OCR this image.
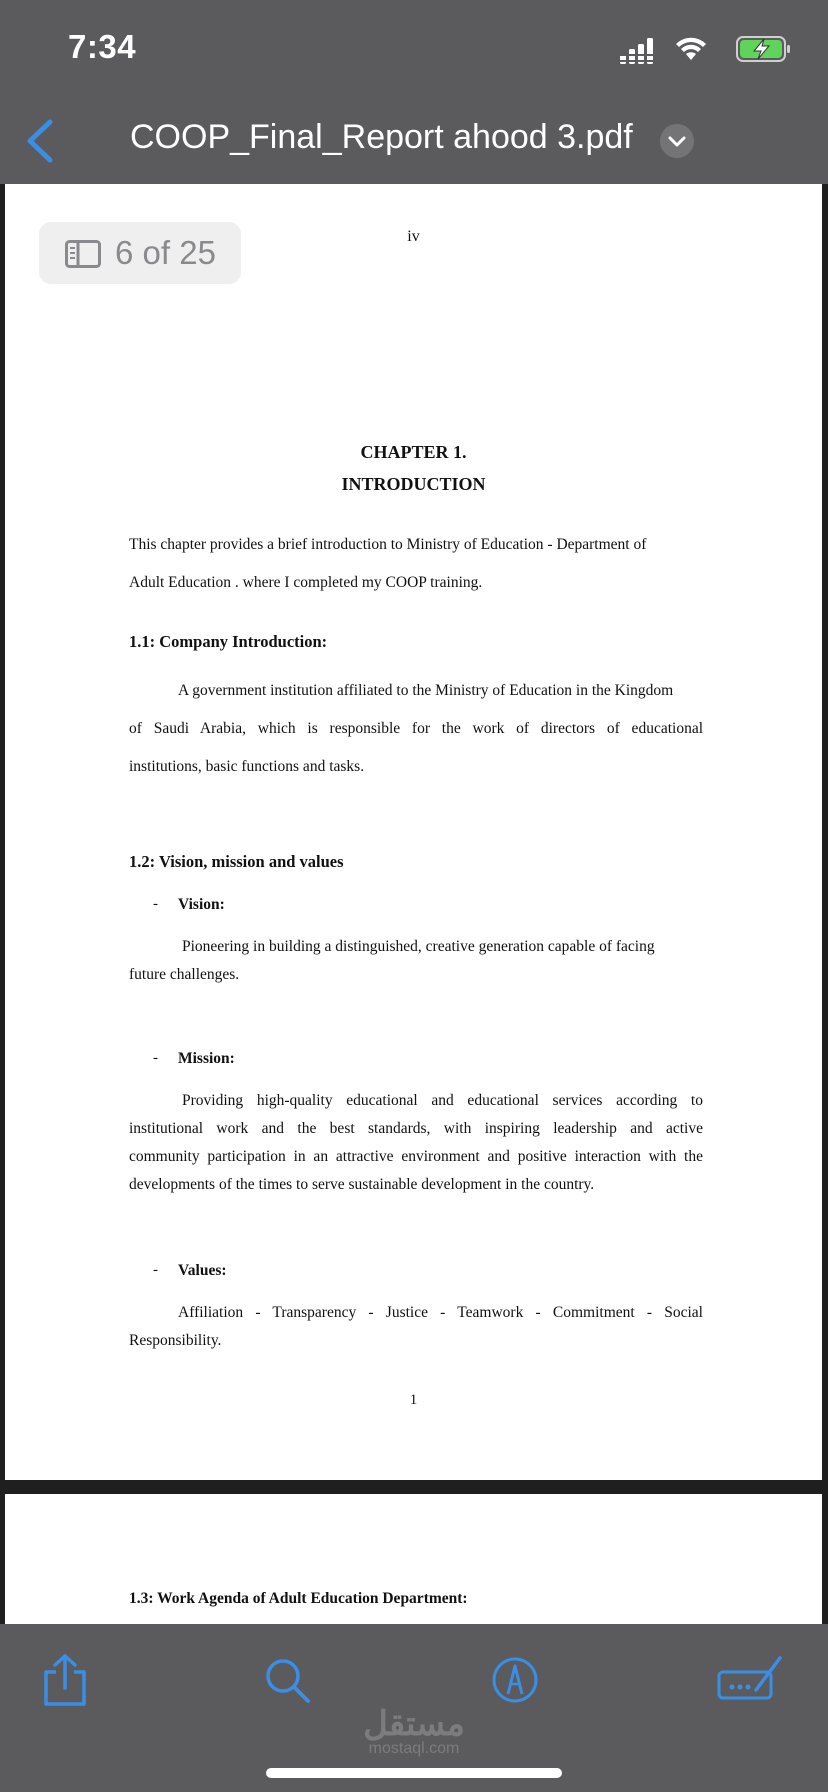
7:34
COOP_Final_Report ahood 3.pdf
6 of 25	iv
CHAPTER 1.
INTRODUCTION
This chapter provides a brief introduction to Ministry of Education - Department of
Adult Education . where I completed my COOP training.
1.1: Company Introduction:
A government institution affiliated to the Ministry of Education in the Kingdom
of Saudi Arabia, which is responsible for the work of directors of educational
institutions, basic functions and tasks.
1.2: Vision, mission and values
- Vision:
Pioneering in building a distinguished, creative generation capable of facing
future challenges.
- Mission:
Providing high-quality educational and educational services according to
institutional work and the best standards, with inspiring leadership and active
community participation in an attractive environment and positive interaction with the
developments of the times to serve sustainable development in the country.
- Values:
Affiliation - Transparency - Justice - Teamwork - Commitment - Social
Responsibility.
1
1.3: Work Agenda of Adult Education Department:
مستقل
mostaql.com
